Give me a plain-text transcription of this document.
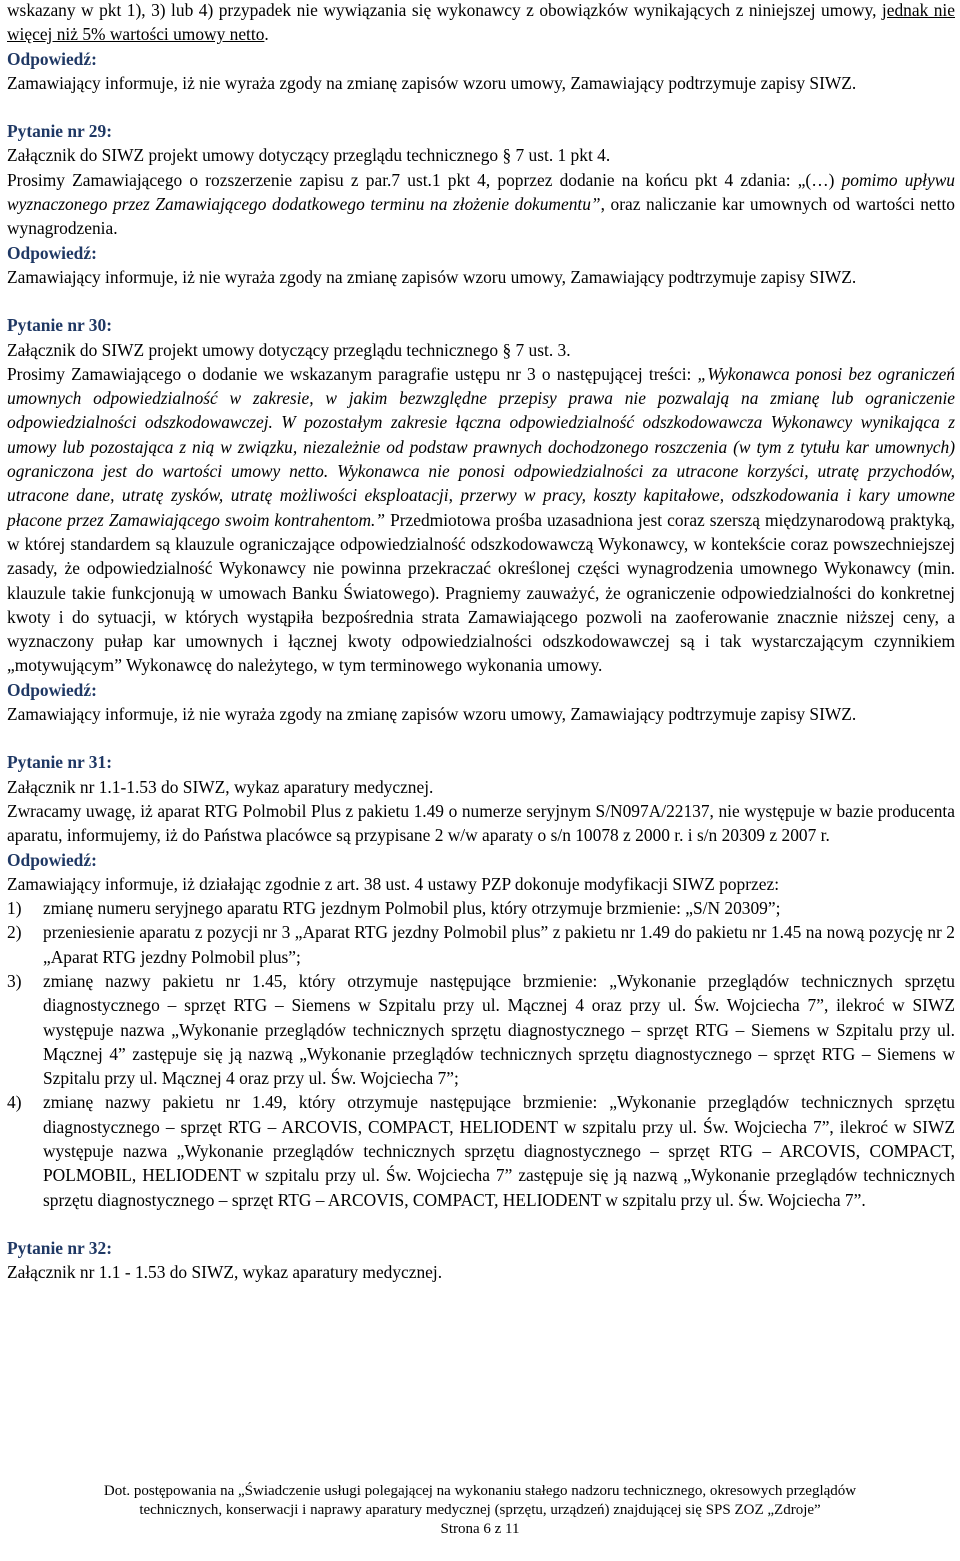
wskazany w pkt 1), 3) lub 4) przypadek nie wywiązania się wykonawcy z obowiązków wynikających z niniejszej umowy, jednak nie więcej niż 5% wartości umowy netto.

Odpowiedź:

Zamawiający informuje, iż nie wyraża zgody na zmianę zapisów wzoru umowy, Zamawiający podtrzymuje zapisy SIWZ.

Pytanie nr 29:

Załącznik do SIWZ projekt umowy dotyczący przeglądu technicznego § 7 ust. 1 pkt 4.

Prosimy Zamawiającego o rozszerzenie zapisu z par.7 ust.1 pkt 4, poprzez dodanie na końcu pkt 4 zdania: „(…) pomimo upływu wyznaczonego przez Zamawiającego dodatkowego terminu na złożenie dokumentu”, oraz naliczanie kar umownych od wartości netto wynagrodzenia.

Odpowiedź:

Zamawiający informuje, iż nie wyraża zgody na zmianę zapisów wzoru umowy, Zamawiający podtrzymuje zapisy SIWZ.

Pytanie nr 30:

Załącznik do SIWZ projekt umowy dotyczący przeglądu technicznego § 7 ust. 3.

Prosimy Zamawiającego o dodanie we wskazanym paragrafie ustępu nr 3 o następującej treści: „Wykonawca ponosi bez ograniczeń umownych odpowiedzialność w zakresie, w jakim bezwzględne przepisy prawa nie pozwalają na zmianę lub ograniczenie odpowiedzialności odszkodowawczej. W pozostałym zakresie łączna odpowiedzialność odszkodowawcza Wykonawcy wynikająca z umowy lub pozostająca z nią w związku, niezależnie od podstaw prawnych dochodzonego roszczenia (w tym z tytułu kar umownych) ograniczona jest do wartości umowy netto. Wykonawca nie ponosi odpowiedzialności za utracone korzyści, utratę przychodów, utracone dane, utratę zysków, utratę możliwości eksploatacji, przerwy w pracy, koszty kapitałowe, odszkodowania i kary umowne płacone przez Zamawiającego swoim kontrahentom.” Przedmiotowa prośba uzasadniona jest coraz szerszą międzynarodową praktyką, w której standardem są klauzule ograniczające odpowiedzialność odszkodowawczą Wykonawcy, w kontekście coraz powszechniejszej zasady, że odpowiedzialność Wykonawcy nie powinna przekraczać określonej części wynagrodzenia umownego Wykonawcy (min. klauzule takie funkcjonują w umowach Banku Światowego). Pragniemy zauważyć, że ograniczenie odpowiedzialności do konkretnej kwoty i do sytuacji, w których wystąpiła bezpośrednia strata Zamawiającego pozwoli na zaoferowanie znacznie niższej ceny, a wyznaczony pułap kar umownych i łącznej kwoty odpowiedzialności odszkodowawczej są i tak wystarczającym czynnikiem „motywującym” Wykonawcę do należytego, w tym terminowego wykonania umowy.

Odpowiedź:

Zamawiający informuje, iż nie wyraża zgody na zmianę zapisów wzoru umowy, Zamawiający podtrzymuje zapisy SIWZ.

Pytanie nr 31:

Załącznik nr 1.1-1.53 do SIWZ, wykaz aparatury medycznej.

Zwracamy uwagę, iż aparat RTG Polmobil Plus z pakietu 1.49 o numerze seryjnym S/N097A/22137, nie występuje w bazie producenta aparatu, informujemy, iż do Państwa placówce są przypisane 2 w/w aparaty o s/n 10078 z 2000 r. i s/n 20309 z 2007 r.

Odpowiedź:

Zamawiający informuje, iż działając zgodnie z art. 38 ust. 4 ustawy PZP dokonuje modyfikacji SIWZ poprzez:

1)	zmianę numeru seryjnego aparatu RTG jezdnym Polmobil plus, który otrzymuje brzmienie: „S/N 20309”;
2)	przeniesienie aparatu z pozycji nr 3 „Aparat RTG jezdny Polmobil plus” z pakietu nr 1.49 do pakietu nr 1.45 na nową pozycję nr 2 „Aparat RTG jezdny Polmobil plus”;
3)	zmianę nazwy pakietu nr 1.45, który otrzymuje następujące brzmienie: „Wykonanie przeglądów technicznych sprzętu diagnostycznego – sprzęt RTG – Siemens w Szpitalu przy ul. Mącznej 4 oraz przy ul. Św. Wojciecha 7”, ilekroć w SIWZ występuje nazwa „Wykonanie przeglądów technicznych sprzętu diagnostycznego – sprzęt RTG – Siemens w Szpitalu przy ul. Mącznej 4” zastępuje się ją nazwą „Wykonanie przeglądów technicznych sprzętu diagnostycznego – sprzęt RTG – Siemens w Szpitalu przy ul. Mącznej 4 oraz przy ul. Św. Wojciecha 7”;
4)	zmianę nazwy pakietu nr 1.49, który otrzymuje następujące brzmienie: „Wykonanie przeglądów technicznych sprzętu diagnostycznego – sprzęt RTG – ARCOVIS, COMPACT, HELIODENT w szpitalu przy ul. Św. Wojciecha 7”, ilekroć w SIWZ występuje nazwa „Wykonanie przeglądów technicznych sprzętu diagnostycznego – sprzęt RTG – ARCOVIS, COMPACT, POLMOBIL, HELIODENT w szpitalu przy ul. Św. Wojciecha 7” zastępuje się ją nazwą „Wykonanie przeglądów technicznych sprzętu diagnostycznego – sprzęt RTG – ARCOVIS, COMPACT, HELIODENT w szpitalu przy ul. Św. Wojciecha 7”.

Pytanie nr 32:

Załącznik nr 1.1 - 1.53 do SIWZ, wykaz aparatury medycznej.

Dot. postępowania na „Świadczenie usługi polegającej na wykonaniu stałego nadzoru technicznego, okresowych przeglądów
technicznych, konserwacji i naprawy aparatury medycznej (sprzętu, urządzeń) znajdującej się SPS ZOZ „Zdroje”
Strona 6 z 11
